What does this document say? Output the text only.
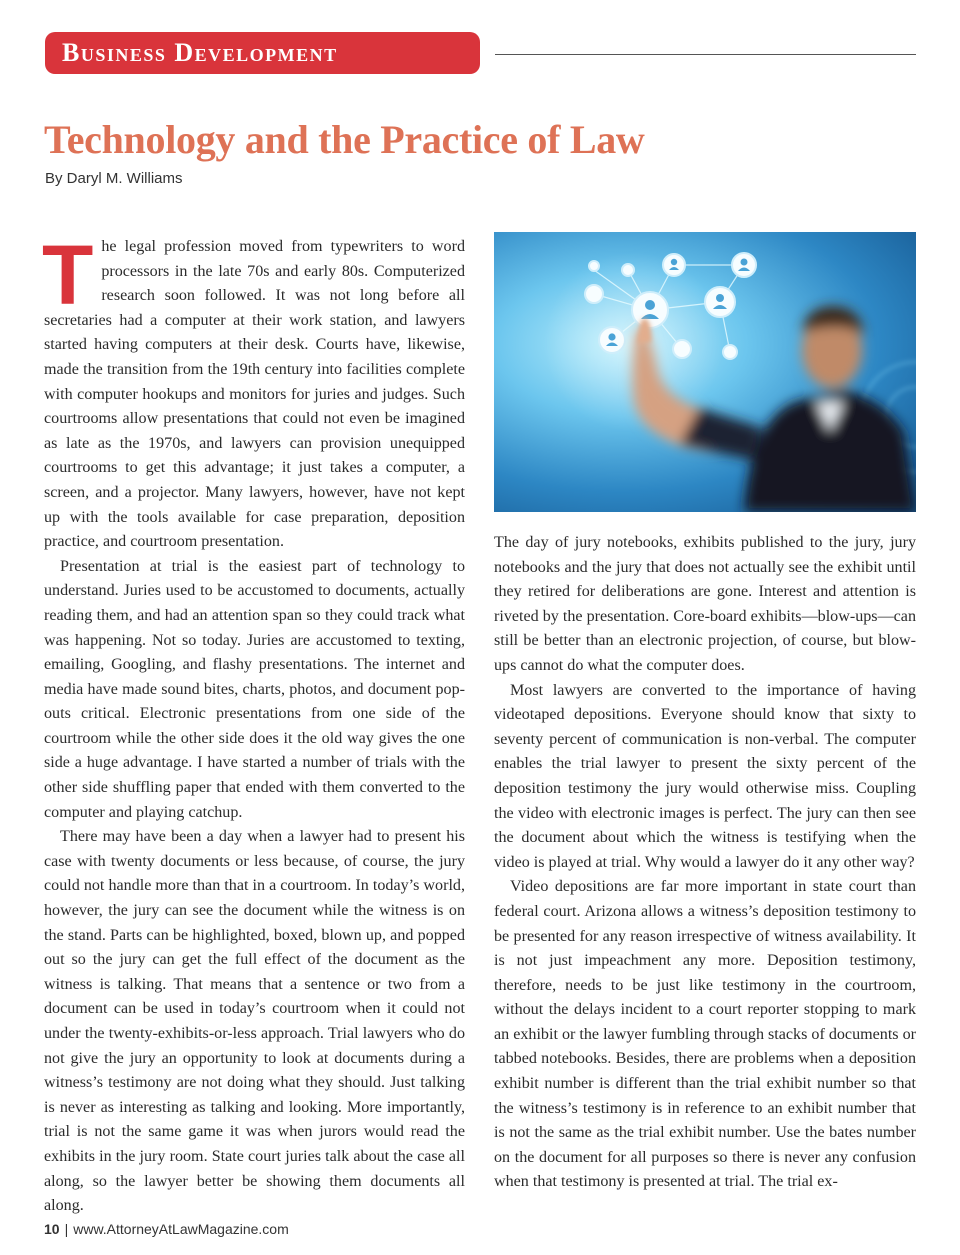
Business Development
Technology and the Practice of Law
By Daryl M. Williams

The legal profession moved from typewriters to word processors in the late 70s and early 80s. Computerized research soon followed. It was not long before all secretaries had a computer at their work station, and lawyers started having computers at their desk. Courts have, likewise, made the transition from the 19th century into facilities complete with computer hookups and monitors for juries and judges. Such courtrooms allow presentations that could not even be imagined as late as the 1970s, and lawyers can provision unequipped courtrooms to get this advantage; it just takes a computer, a screen, and a projector. Many lawyers, however, have not kept up with the tools available for case preparation, deposition practice, and courtroom presentation.

Presentation at trial is the easiest part of technology to understand. Juries used to be accustomed to documents, actually reading them, and had an attention span so they could track what was happening. Not so today. Juries are accustomed to texting, emailing, Googling, and flashy presentations. The internet and media have made sound bites, charts, photos, and document pop-outs critical. Electronic presentations from one side of the courtroom while the other side does it the old way gives the one side a huge advantage. I have started a number of trials with the other side shuffling paper that ended with them converted to the computer and playing catchup.

There may have been a day when a lawyer had to present his case with twenty documents or less because, of course, the jury could not handle more than that in a courtroom. In today’s world, however, the jury can see the document while the witness is on the stand. Parts can be highlighted, boxed, blown up, and popped out so the jury can get the full effect of the document as the witness is talking. That means that a sentence or two from a document can be used in today’s courtroom when it could not under the twenty-exhibits-or-less approach. Trial lawyers who do not give the jury an opportunity to look at documents during a witness’s testimony are not doing what they should. Just talking is never as interesting as talking and looking. More importantly, trial is not the same game it was when jurors would read the exhibits in the jury room. State court juries talk about the case all along, so the lawyer better be showing them documents all along.

The day of jury notebooks, exhibits published to the jury, jury notebooks and the jury that does not actually see the exhibit until they retired for deliberations are gone. Interest and attention is riveted by the presentation. Core-board exhibits—blow-ups—can still be better than an electronic projection, of course, but blow-ups cannot do what the computer does.

Most lawyers are converted to the importance of having videotaped depositions. Everyone should know that sixty to seventy percent of communication is non-verbal. The computer enables the trial lawyer to present the sixty percent of the deposition testimony the jury would otherwise miss. Coupling the video with electronic images is perfect. The jury can then see the document about which the witness is testifying when the video is played at trial. Why would a lawyer do it any other way?

Video depositions are far more important in state court than federal court. Arizona allows a witness’s deposition testimony to be presented for any reason irrespective of witness availability. It is not just impeachment any more. Deposition testimony, therefore, needs to be just like testimony in the courtroom, without the delays incident to a court reporter stopping to mark an exhibit or the lawyer fumbling through stacks of documents or tabbed notebooks. Besides, there are problems when a deposition exhibit number is different than the trial exhibit number so that the witness’s testimony is in reference to an exhibit number that is not the same as the trial exhibit number. Use the bates number on the document for all purposes so there is never any confusion when that testimony is presented at trial. The trial ex-

10 | www.AttorneyAtLawMagazine.com
